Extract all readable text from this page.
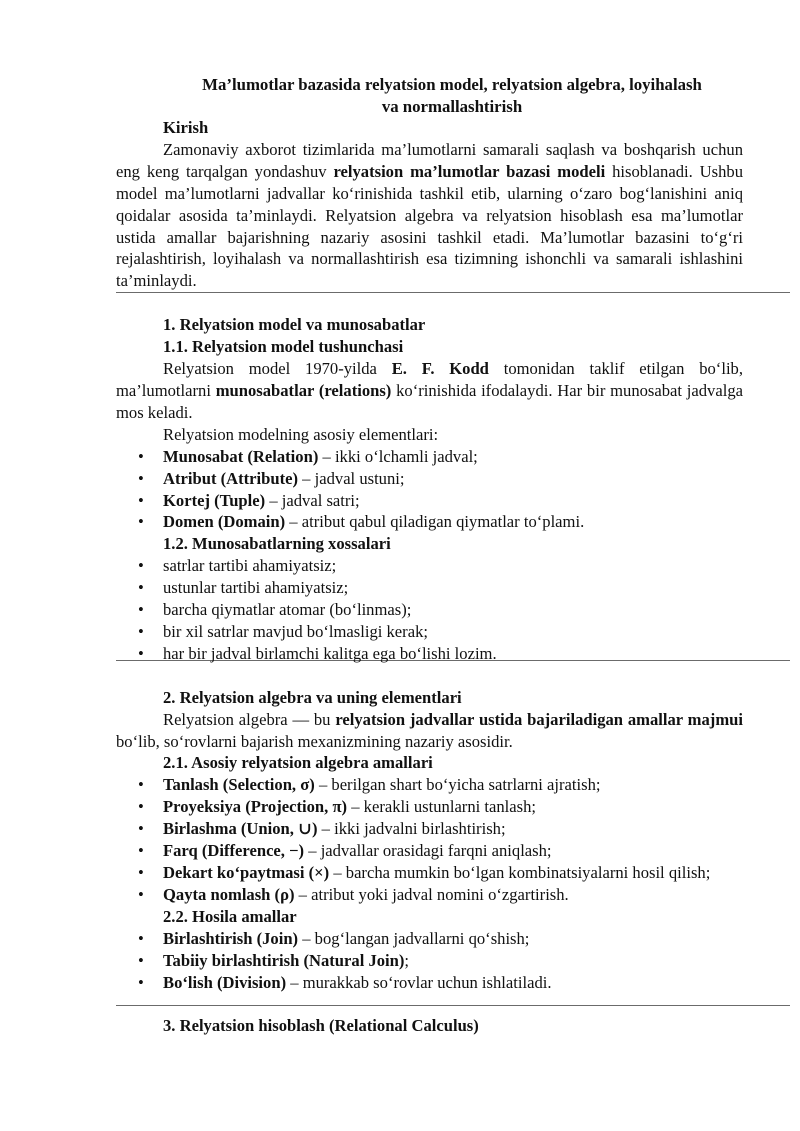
Ma’lumotlar bazasida relyatsion model, relyatsion algebra, loyihalash
va normallashtirish
Kirish

Zamonaviy axborot tizimlarida ma’lumotlarni samarali saqlash va boshqarish uchun eng keng tarqalgan yondashuv relyatsion ma’lumotlar bazasi modeli hisoblanadi. Ushbu model ma’lumotlarni jadvallar ko‘rinishida tashkil etib, ularning o‘zaro bog‘lanishini aniq qoidalar asosida ta’minlaydi. Relyatsion algebra va relyatsion hisoblash esa ma’lumotlar ustida amallar bajarishning nazariy asosini tashkil etadi. Ma’lumotlar bazasini to‘g‘ri rejalashtirish, loyihalash va normallashtirish esa tizimning ishonchli va samarali ishlashini ta’minlaydi.

1. Relyatsion model va munosabatlar
1.1. Relyatsion model tushunchasi

Relyatsion model 1970-yilda E. F. Kodd tomonidan taklif etilgan bo‘lib, ma’lumotlarni munosabatlar (relations) ko‘rinishida ifodalaydi. Har bir munosabat jadvalga mos keladi.

Relyatsion modelning asosiy elementlari:

• Munosabat (Relation) – ikki o‘lchamli jadval;
• Atribut (Attribute) – jadval ustuni;
• Kortej (Tuple) – jadval satri;
• Domen (Domain) – atribut qabul qiladigan qiymatlar to‘plami.
1.2. Munosabatlarning xossalari
• satrlar tartibi ahamiyatsiz;
• ustunlar tartibi ahamiyatsiz;
• barcha qiymatlar atomar (bo‘linmas);
• bir xil satrlar mavjud bo‘lmasligi kerak;
• har bir jadval birlamchi kalitga ega bo‘lishi lozim.
2. Relyatsion algebra va uning elementlari

Relyatsion algebra — bu relyatsion jadvallar ustida bajariladigan amallar majmui bo‘lib, so‘rovlarni bajarish mexanizmining nazariy asosidir.

2.1. Asosiy relyatsion algebra amallari
• Tanlash (Selection, σ) – berilgan shart bo‘yicha satrlarni ajratish;
• Proyeksiya (Projection, π) – kerakli ustunlarni tanlash;
• Birlashma (Union, ∪) – ikki jadvalni birlashtirish;
• Farq (Difference, −) – jadvallar orasidagi farqni aniqlash;
• Dekart ko‘paytmasi (×) – barcha mumkin bo‘lgan kombinatsiyalarni hosil qilish;
• Qayta nomlash (ρ) – atribut yoki jadval nomini o‘zgartirish.
2.2. Hosila amallar
• Birlashtirish (Join) – bog‘langan jadvallarni qo‘shish;
• Tabiiy birlashtirish (Natural Join);
• Bo‘lish (Division) – murakkab so‘rovlar uchun ishlatiladi.
3. Relyatsion hisoblash (Relational Calculus)
